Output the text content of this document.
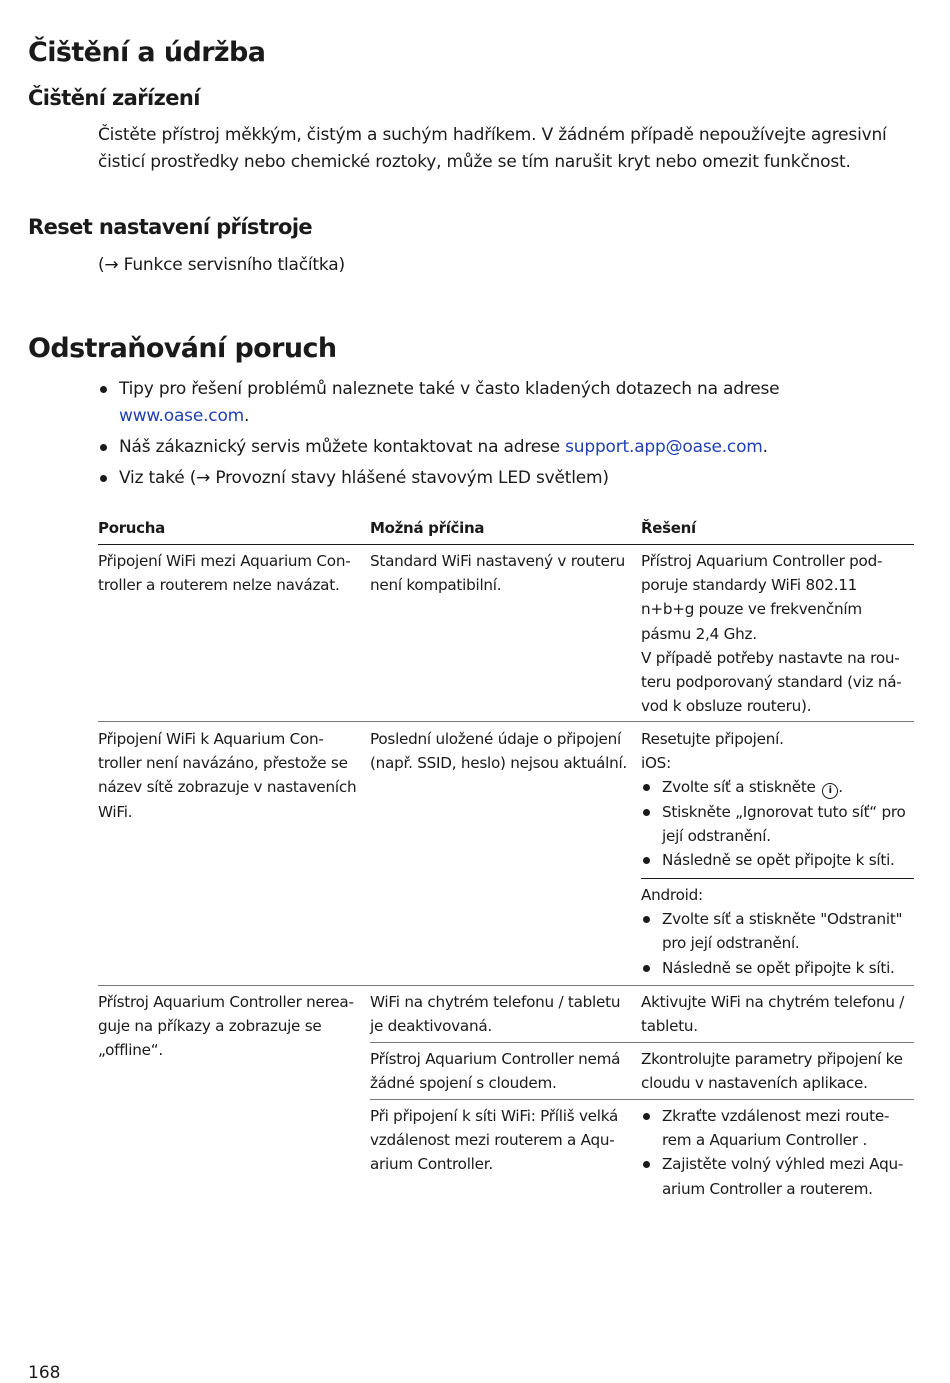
Čištění a údržba
Čištění zařízení
Čistěte přístroj měkkým, čistým a suchým hadříkem. V žádném případě nepoužívejte agresivní
čisticí prostředky nebo chemické roztoky, může se tím narušit kryt nebo omezit funkčnost.
Reset nastavení přístroje
(→ Funkce servisního tlačítka)
Odstraňování poruch
Tipy pro řešení problémů naleznete také v často kladených dotazech na adrese
www.oase.com.
Náš zákaznický servis můžete kontaktovat na adrese support.app@oase.com.
Viz také (→ Provozní stavy hlášené stavovým LED světlem)
Porucha	Možná příčina	Řešení
Připojení WiFi mezi Aquarium Controller a routerem nelze navázat.
Standard WiFi nastavený v routeru není kompatibilní.
Přístroj Aquarium Controller podporuje standardy WiFi 802.11 n+b+g pouze ve frekvenčním pásmu 2,4 Ghz.
V případě potřeby nastavte na routeru podporovaný standard (viz návod k obsluze routeru).
Připojení WiFi k Aquarium Controller není navázáno, přestože se název sítě zobrazuje v nastaveních WiFi.
Poslední uložené údaje o připojení (např. SSID, heslo) nejsou aktuální.
Resetujte připojení.
iOS:
Zvolte síť a stiskněte i .
Stiskněte „Ignorovat tuto síť“ pro její odstranění.
Následně se opět připojte k síti.
Android:
Zvolte síť a stiskněte "Odstranit" pro její odstranění.
Následně se opět připojte k síti.
Přístroj Aquarium Controller nereaguje na příkazy a zobrazuje se „offline“.
WiFi na chytrém telefonu / tabletu je deaktivovaná.
Aktivujte WiFi na chytrém telefonu / tabletu.
Přístroj Aquarium Controller nemá žádné spojení s cloudem.
Zkontrolujte parametry připojení ke cloudu v nastaveních aplikace.
Při připojení k síti WiFi: Příliš velká vzdálenost mezi routerem a Aquarium Controller.
Zkraťte vzdálenost mezi routerem a Aquarium Controller .
Zajistěte volný výhled mezi Aquarium Controller a routerem.
168
